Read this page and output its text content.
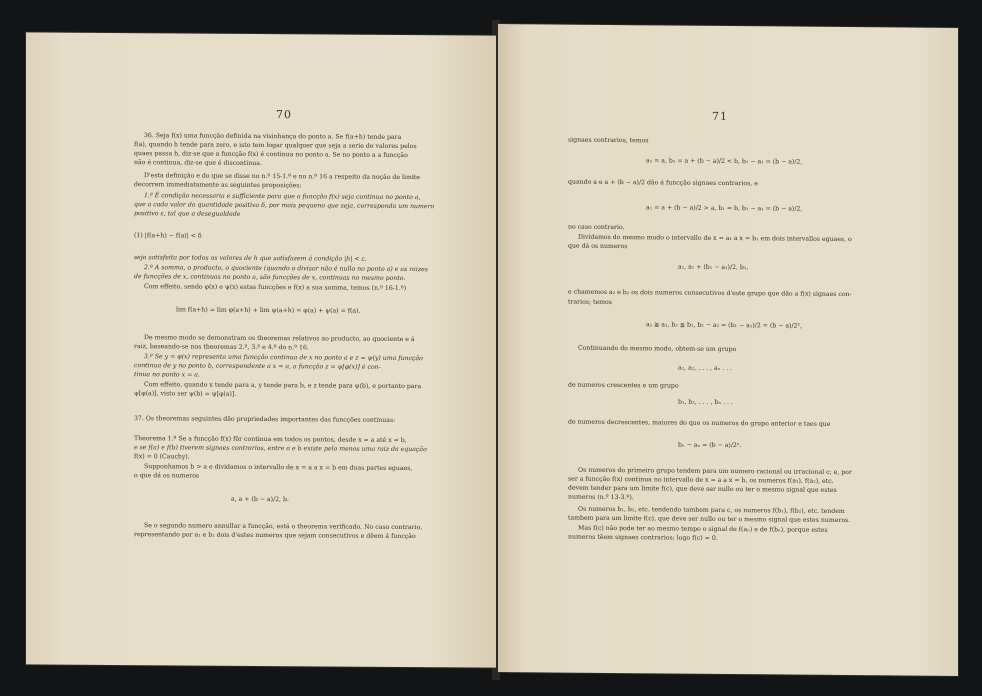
70
36. Seja f(x) uma funcção definida na visinhança do ponto a. Se f(a+h) tende para
f(a), quando h tende para zero, e isto tem logar qualquer que seja a serie de valores pelos
quaes passa h, diz-se que a funcção f(x) é continua no ponto a. Se no ponto a a funcção
não é continua, diz-se que é discontinua.
D'esta definição e do que se disse no n.º 15-1.º e no n.º 16 a respeito da noção de limite
decorrem immediatamente as seguintes proposições:
1.º É condição necessaria e sufficiente para que a funcção f(x) seja continua no ponto a,
que a cada valor da quantidade positiva δ, por mais pequeno que seja, corresponda um numero
positivo ε, tal que a desegualdade
(1) |f(a+h) − f(a)| < δ
seja satisfeita por todos os valores de h que satisfazem á condição |h| < ε.
2.º A somma, o producto, o quociente (quando o divisor não é nullo no ponto a) e as raizes
de funcções de x, continuas no ponto a, são funcções de x, continuas no mesmo ponto.
Com effeito, sendo φ(x) e ψ(x) estas funcções e f(x) a sua somma, temos (n.º 16-1.º)
lim f(a+h) = lim φ(a+h) + lim ψ(a+h) = φ(a) + ψ(a) = f(a).
De mesmo modo se demonstram os theoremas relativos ao producto, ao quociente e á
raiz, baseando-se nos theoremas 2.º, 3.º e 4.º do n.º 16.
3.º Se y = φ(x) representa uma funcção continua de x no ponto a e z = ψ(y) uma funcção
continua de y no ponto b, correspondente a x = a, a funcção z = ψ[φ(x)] é con-
tinua no ponto x = a.
Com effeito, quando x tende para a, y tende para b, e z tende para ψ(b), e portanto para
ψ[φ(a)], visto ser ψ(b) = ψ[φ(a)].
37. Os theoremas seguintes dão propriedades importantes das funcções continuas:
Theorema 1.º Se a funcção f(x) fôr continua em todos os pontos, desde x = a até x = b,
e se f(a) e f(b) tiverem signaes contrarios, entre a e b existe pelo menos uma raiz da equação
f(x) = 0 (Cauchy).
Supponhamos b > a e dividamos o intervallo de x = a a x = b em duas partes eguaes,
o que dá os numeros
a, a + (b − a)/2, b.
Se o segundo numero annullar a funcção, está o theorema verificado. No caso contrario,
representando por a₁ e b₁ dois d'estes numeros que sejam consecutivos e dêem á funcção
71
signaes contrarios, temos
a₁ = a, b₁ = a + (b − a)/2 < b, b₁ − a₁ = (b − a)/2,
quando a e a + (b − a)/2 dão á funcção signaes contrarios, e
a₁ = a + (b − a)/2 > a, b₁ = b, b₁ − a₁ = (b − a)/2,
no caso contrario.
Dividamos do mesmo modo o intervallo de x = a₁ a x = b₁ em dois intervallos eguaes, o
que dá os numeros
a₁, a₁ + (b₁ − a₁)/2, b₁,
e chamemos a₂ e b₂ os dois numeros consecutivos d'este grupo que dão a f(x) signaes con-
trarios; temos
a₂ ≧ a₁, b₂ ≦ b₁, b₂ − a₂ = (b₁ − a₁)/2 = (b − a)/2²,
Continuando do mesmo modo, obtem-se um grupo
a₁, a₂, . . . , aₙ . . .
de numeros crescentes e um grupo
b₁, b₂, . . . , bₙ . . .
de numeros decrescentes, maiores do que os numeros do grupo anterior e taes que
bₙ − aₙ = (b − a)/2ⁿ.
Os numeros do primeiro grupo tendem para um numero racional ou irracional c; e, por
ser a funcção f(x) continua no intervallo de x = a a x = b, os numeros f(a₁), f(a₂), etc.
devem tender para um limite f(c), que deve ser nullo ou ter o mesmo signal que estes
numeros (n.º 13-3.º).
Os numeros b₁, b₂, etc. tendendo tambem para c, os numeros f(b₁), f(b₂), etc. tendem
tambem para um limite f(c), que deve ser nullo ou ter o mesmo signal que estes numeros.
Mas f(c) não pode ter ao mesmo tempo o signal de f(aₙ) e de f(bₙ), porque estes
numeros têem signaes contrarios; logo f(c) = 0.
